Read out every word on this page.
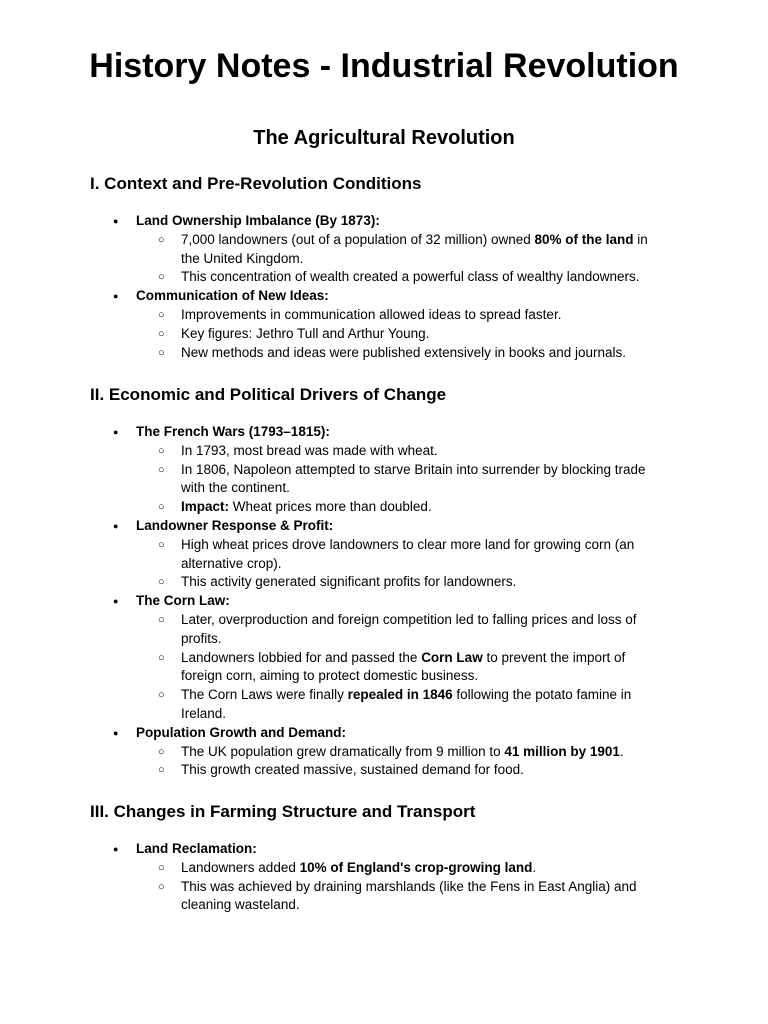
History Notes - Industrial Revolution
The Agricultural Revolution
I. Context and Pre-Revolution Conditions
● Land Ownership Imbalance (By 1873):
○ 7,000 landowners (out of a population of 32 million) owned 80% of the land in the United Kingdom.
○ This concentration of wealth created a powerful class of wealthy landowners.
● Communication of New Ideas:
○ Improvements in communication allowed ideas to spread faster.
○ Key figures: Jethro Tull and Arthur Young.
○ New methods and ideas were published extensively in books and journals.
II. Economic and Political Drivers of Change
● The French Wars (1793–1815):
○ In 1793, most bread was made with wheat.
○ In 1806, Napoleon attempted to starve Britain into surrender by blocking trade with the continent.
○ Impact: Wheat prices more than doubled.
● Landowner Response & Profit:
○ High wheat prices drove landowners to clear more land for growing corn (an alternative crop).
○ This activity generated significant profits for landowners.
● The Corn Law:
○ Later, overproduction and foreign competition led to falling prices and loss of profits.
○ Landowners lobbied for and passed the Corn Law to prevent the import of foreign corn, aiming to protect domestic business.
○ The Corn Laws were finally repealed in 1846 following the potato famine in Ireland.
● Population Growth and Demand:
○ The UK population grew dramatically from 9 million to 41 million by 1901.
○ This growth created massive, sustained demand for food.
III. Changes in Farming Structure and Transport
● Land Reclamation:
○ Landowners added 10% of England's crop-growing land.
○ This was achieved by draining marshlands (like the Fens in East Anglia) and cleaning wasteland.
